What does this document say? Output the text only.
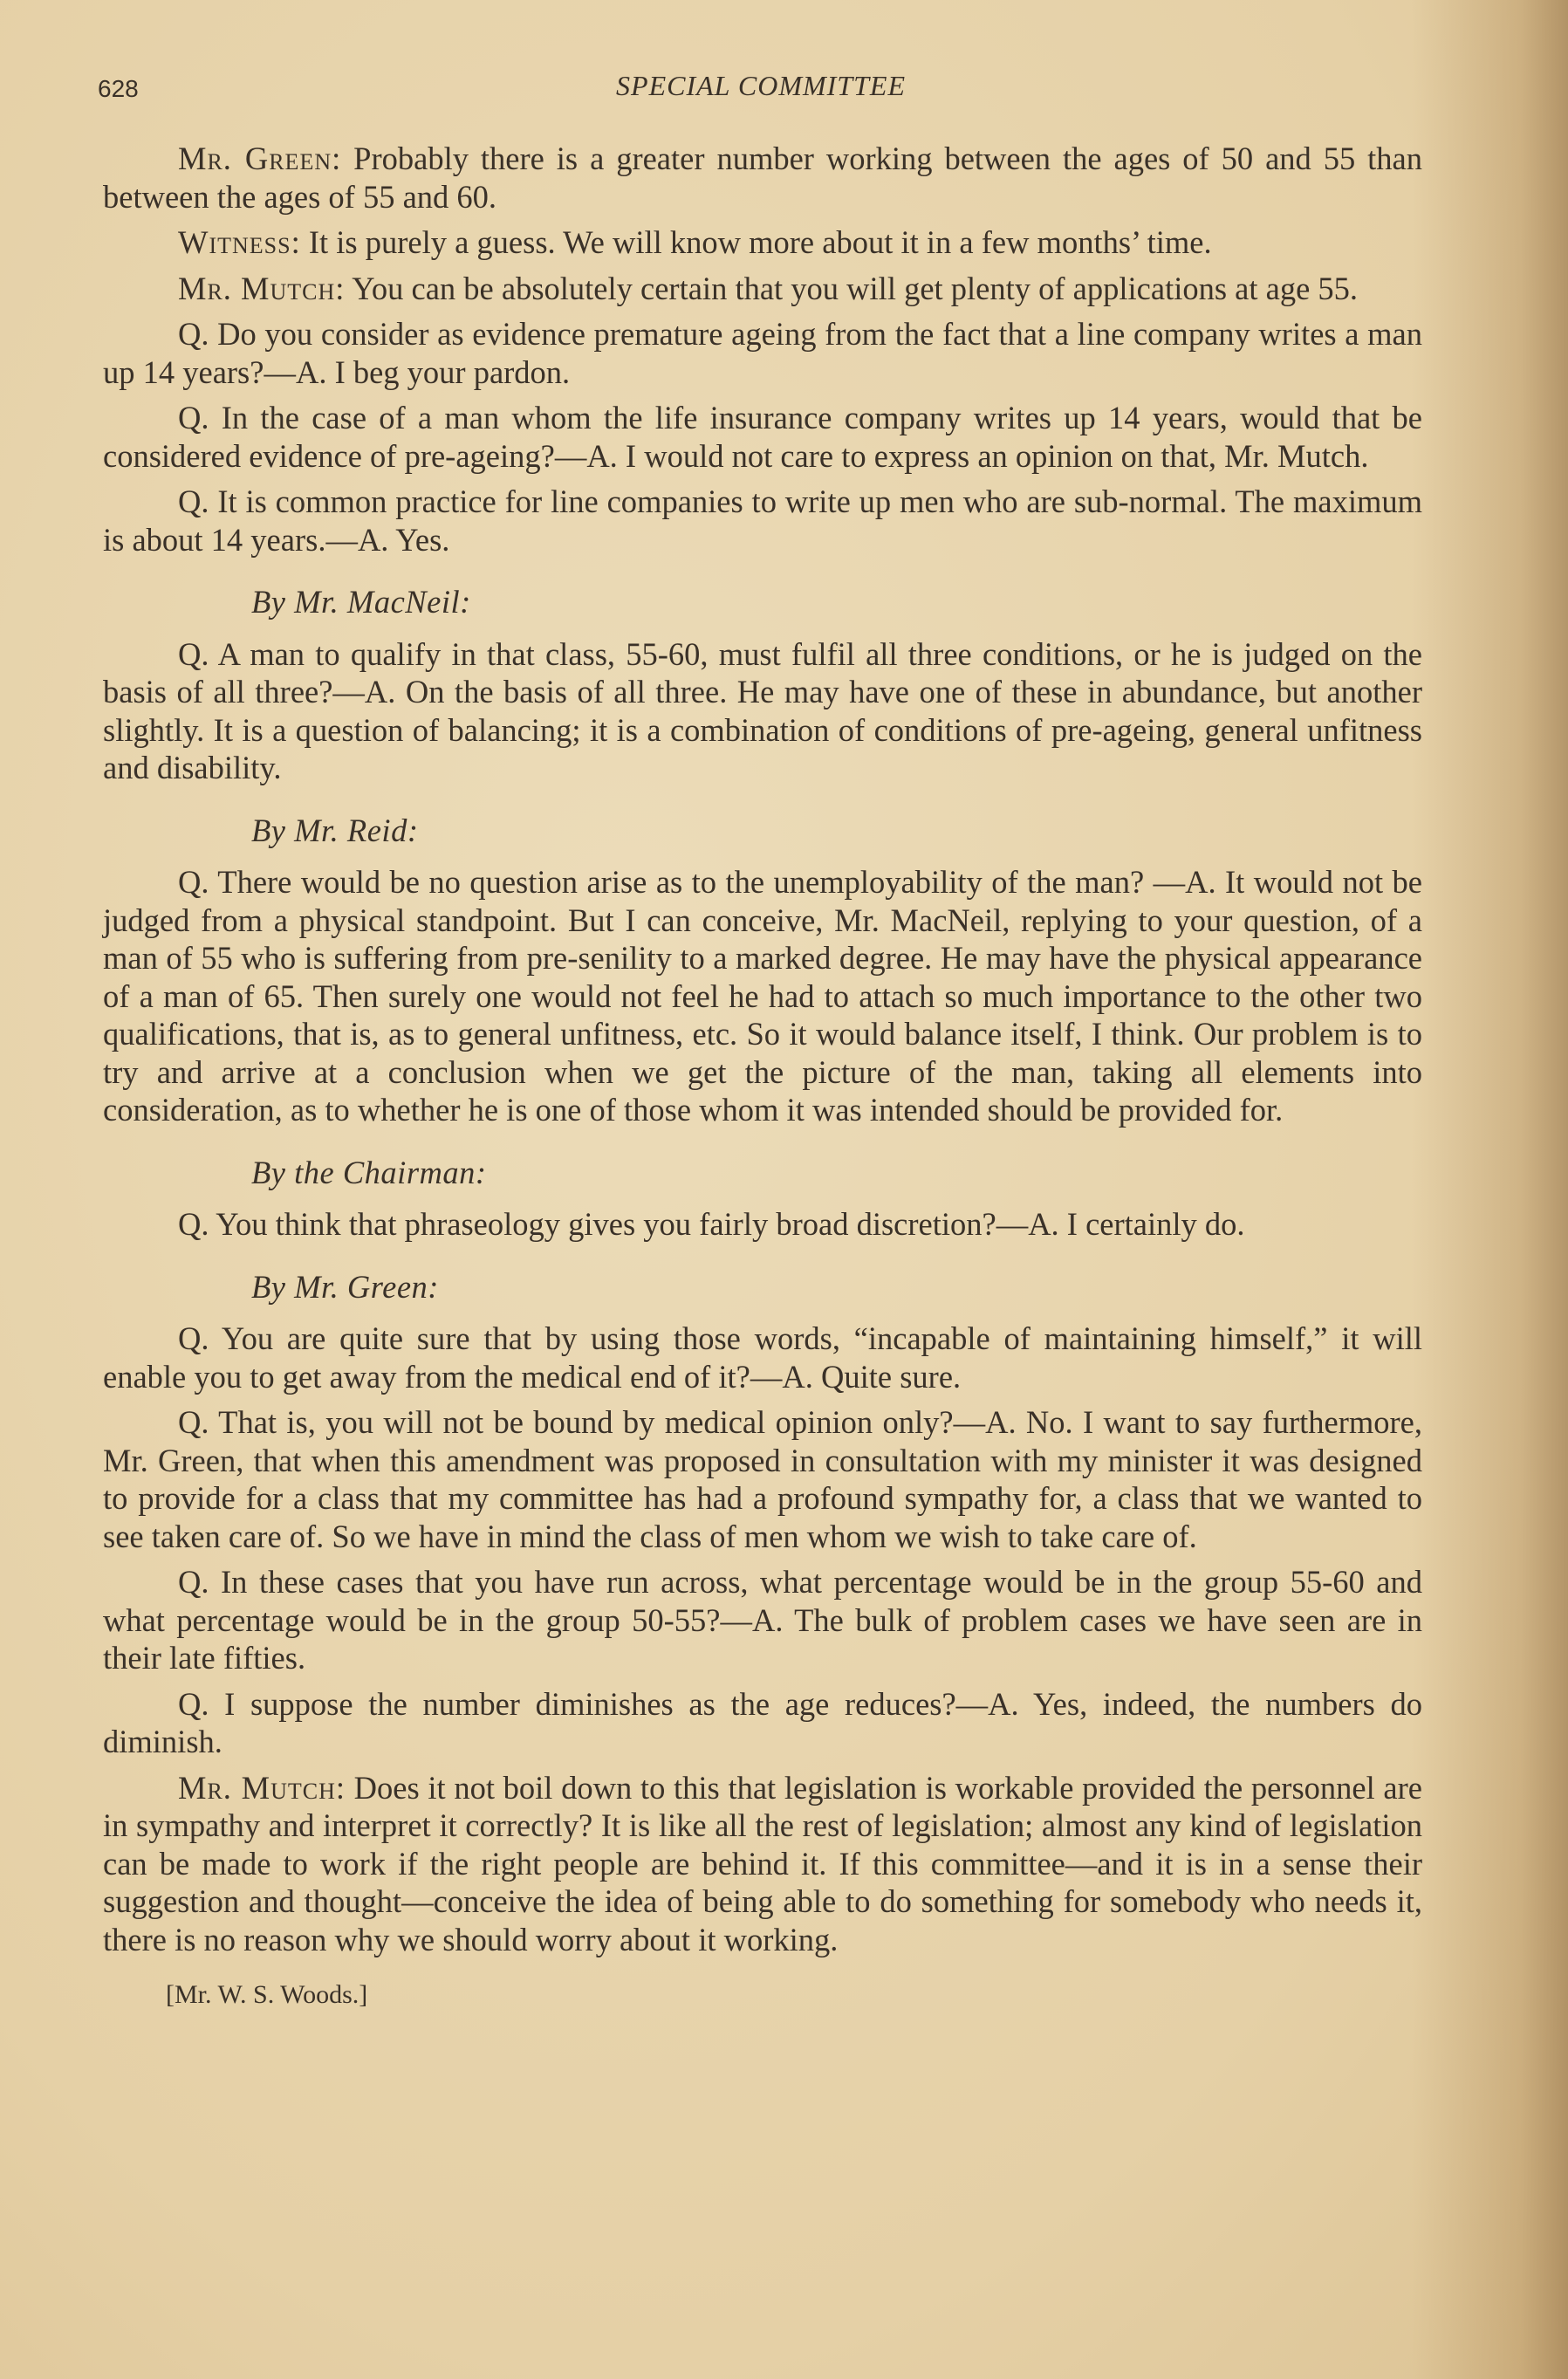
628	SPECIAL COMMITTEE

Mr. Green: Probably there is a greater number working between the ages of 50 and 55 than between the ages of 55 and 60.

Witness: It is purely a guess. We will know more about it in a few months’ time.

Mr. Mutch: You can be absolutely certain that you will get plenty of applications at age 55.

Q. Do you consider as evidence premature ageing from the fact that a line company writes a man up 14 years?—A. I beg your pardon.

Q. In the case of a man whom the life insurance company writes up 14 years, would that be considered evidence of pre-ageing?—A. I would not care to express an opinion on that, Mr. Mutch.

Q. It is common practice for line companies to write up men who are sub-normal. The maximum is about 14 years.—A. Yes.

By Mr. MacNeil:

Q. A man to qualify in that class, 55-60, must fulfil all three conditions, or he is judged on the basis of all three?—A. On the basis of all three. He may have one of these in abundance, but another slightly. It is a question of balancing; it is a combination of conditions of pre-ageing, general unfitness and disability.

By Mr. Reid:

Q. There would be no question arise as to the unemployability of the man? —A. It would not be judged from a physical standpoint. But I can conceive, Mr. MacNeil, replying to your question, of a man of 55 who is suffering from pre-senility to a marked degree. He may have the physical appearance of a man of 65. Then surely one would not feel he had to attach so much importance to the other two qualifications, that is, as to general unfitness, etc. So it would balance itself, I think. Our problem is to try and arrive at a conclusion when we get the picture of the man, taking all elements into consideration, as to whether he is one of those whom it was intended should be provided for.

By the Chairman:

Q. You think that phraseology gives you fairly broad discretion?—A. I certainly do.

By Mr. Green:

Q. You are quite sure that by using those words, “incapable of maintaining himself,” it will enable you to get away from the medical end of it?—A. Quite sure.

Q. That is, you will not be bound by medical opinion only?—A. No. I want to say furthermore, Mr. Green, that when this amendment was proposed in consultation with my minister it was designed to provide for a class that my committee has had a profound sympathy for, a class that we wanted to see taken care of. So we have in mind the class of men whom we wish to take care of.

Q. In these cases that you have run across, what percentage would be in the group 55-60 and what percentage would be in the group 50-55?—A. The bulk of problem cases we have seen are in their late fifties.

Q. I suppose the number diminishes as the age reduces?—A. Yes, indeed, the numbers do diminish.

Mr. Mutch: Does it not boil down to this that legislation is workable provided the personnel are in sympathy and interpret it correctly? It is like all the rest of legislation; almost any kind of legislation can be made to work if the right people are behind it. If this committee—and it is in a sense their suggestion and thought—conceive the idea of being able to do something for somebody who needs it, there is no reason why we should worry about it working.

[Mr. W. S. Woods.]
